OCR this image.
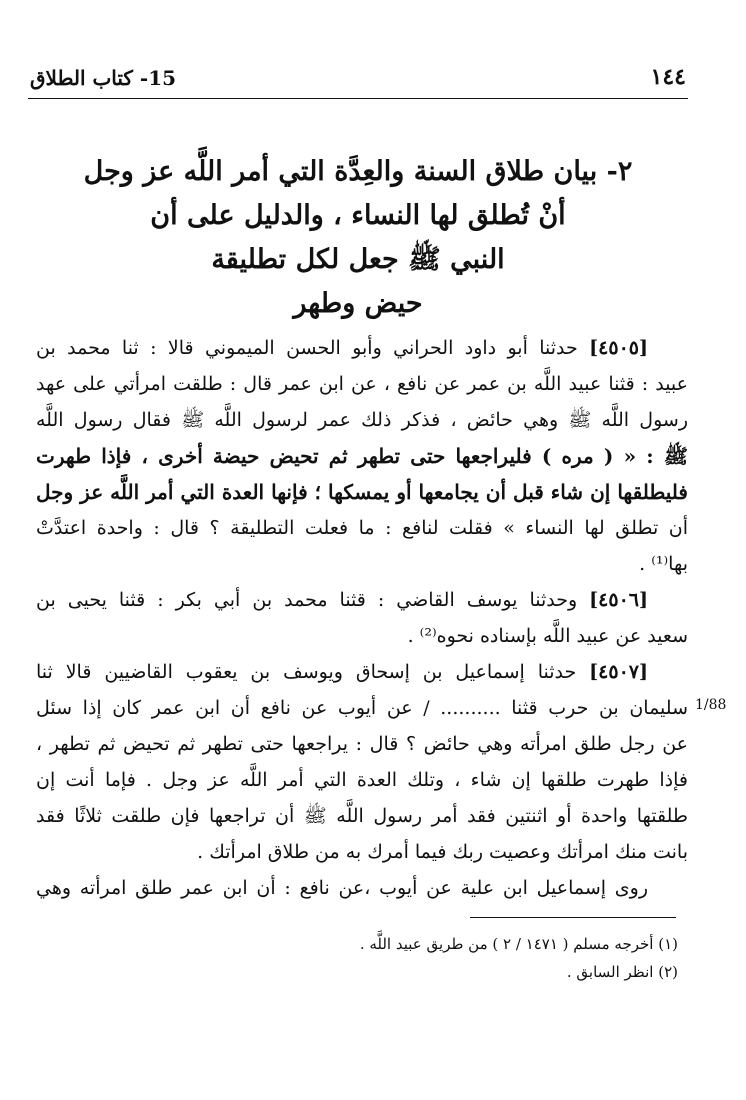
١٤٤
15- كتاب الطلاق
٢- بيان طلاق السنة والعِدَّة التي أمر اللَّه عز وجل
أنْ تُطلق لها النساء ، والدليل على أن
النبي ﷺ جعل لكل تطليقة
حيض وطهر
[٤٥٠٥] حدثنا أبو داود الحراني وأبو الحسن الميموني قالا : ثنا محمد بن
عبيد : قثنا عبيد اللَّه بن عمر عن نافع ، عن ابن عمر قال : طلقت امرأتي على عهد
رسول اللَّه ﷺ وهي حائض ، فذكر ذلك عمر لرسول اللَّه ﷺ فقال رسول اللَّه
ﷺ : « ( مره ) فليراجعها حتى تطهر ثم تحيض حيضة أخرى ، فإذا طهرت
فليطلقها إن شاء قبل أن يجامعها أو يمسكها ؛ فإنها العدة التي أمر اللَّه عز وجل
أن تطلق لها النساء » فقلت لنافع : ما فعلت التطليقة ؟ قال : واحدة اعتدَّتْ
بها⁽¹⁾ .
[٤٥٠٦] وحدثنا يوسف القاضي : قثنا محمد بن أبي بكر : قثنا يحيى بن
سعيد عن عبيد اللَّه بإسناده نحوه⁽²⁾ .
[٤٥٠٧] حدثنا إسماعيل بن إسحاق ويوسف بن يعقوب القاضيين قالا ثنا
سليمان بن حرب قثنا .......... / عن أيوب عن نافع أن ابن عمر كان إذا سئل
عن رجل طلق امرأته وهي حائض ؟ قال : يراجعها حتى تطهر ثم تحيض ثم تطهر ،
فإذا طهرت طلقها إن شاء ، وتلك العدة التي أمر اللَّه عز وجل . فإما أنت إن
طلقتها واحدة أو اثنتين فقد أمر رسول اللَّه ﷺ أن تراجعها فإن طلقت ثلاثًا فقد
بانت منك امرأتك وعصيت ربك فيما أمرك به من طلاق امرأتك .
روى إسماعيل ابن علية عن أيوب ،عن نافع : أن ابن عمر طلق امرأته وهي
1/88
(١) أخرجه مسلم ( ١٤٧١ / ٢ ) من طريق عبيد اللَّه .
(٢) انظر السابق .
